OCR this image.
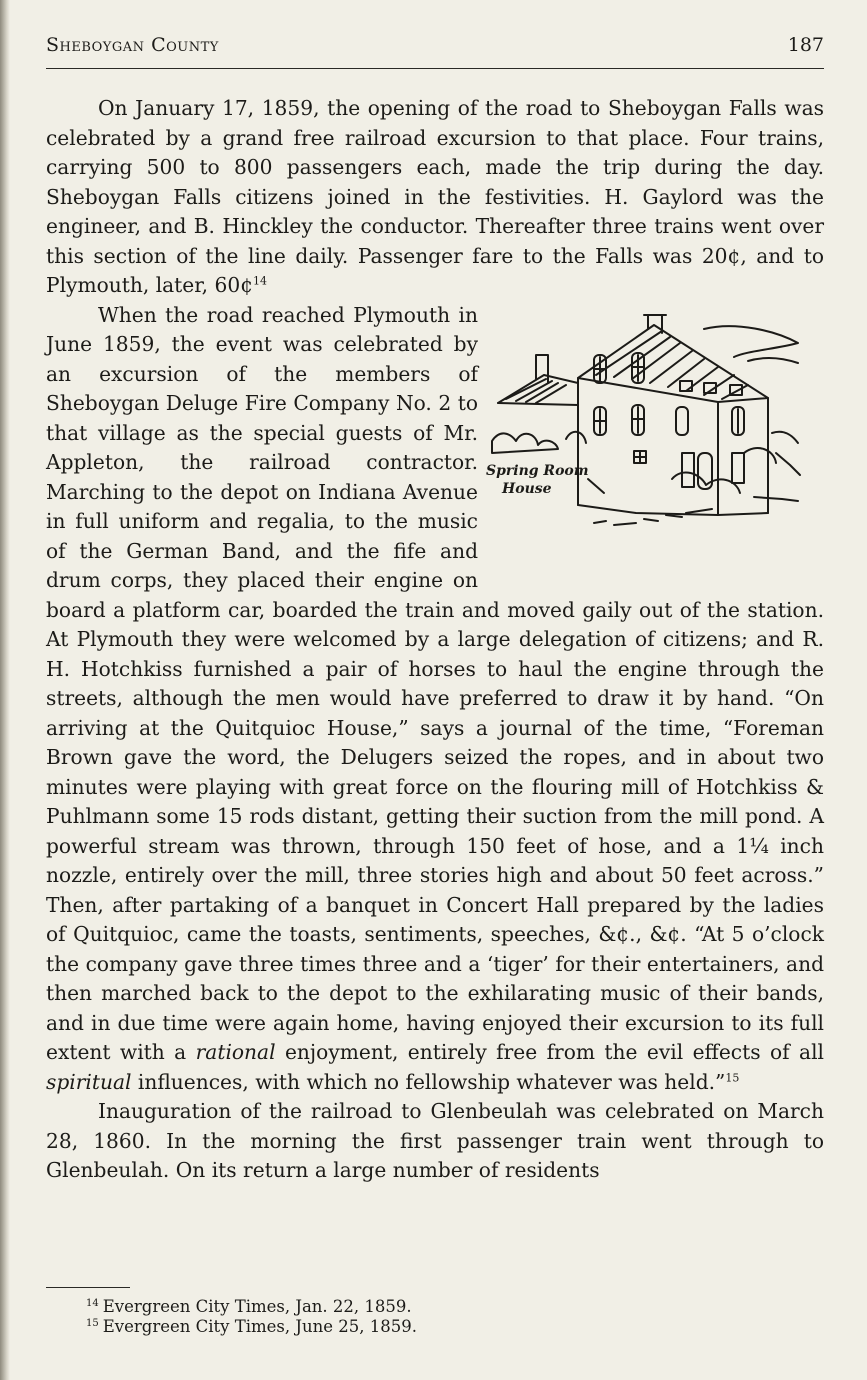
Sheboygan County	187

On January 17, 1859, the opening of the road to Sheboygan Falls was celebrated by a grand free railroad excursion to that place. Four trains, carrying 500 to 800 passengers each, made the trip during the day. Sheboygan Falls citizens joined in the festivities. H. Gaylord was the engineer, and B. Hinckley the conductor. Thereafter three trains went over this section of the line daily. Passenger fare to the Falls was 20¢, and to Plymouth, later, 60¢$^{14}$

Spring Room
House
When the road reached Plymouth in June 1859, the event was celebrated by an excursion of the members of Sheboygan Deluge Fire Company No. 2 to that village as the special guests of Mr. Appleton, the railroad contractor. Marching to the depot on Indiana Avenue in full uniform and regalia, to the music of the German Band, and the fife and drum corps, they placed their engine on board a platform car, boarded the train and moved gaily out of the station. At Plymouth they were welcomed by a large delegation of citizens; and R. H. Hotchkiss furnished a pair of horses to haul the engine through the streets, although the men would have preferred to draw it by hand. “On arriving at the Quitquioc House,” says a journal of the time, “Foreman Brown gave the word, the Delugers seized the ropes, and in about two minutes were playing with great force on the flouring mill of Hotchkiss & Puhlmann some 15 rods distant, getting their suction from the mill pond. A powerful stream was thrown, through 150 feet of hose, and a 1¼ inch nozzle, entirely over the mill, three stories high and about 50 feet across.” Then, after partaking of a banquet in Concert Hall prepared by the ladies of Quitquioc, came the toasts, sentiments, speeches, &¢., &¢. “At 5 o’clock the company gave three times three and a ‘tiger’ for their entertainers, and then marched back to the depot to the exhilarating music of their bands, and in due time were again home, having enjoyed their excursion to its full extent with a rational enjoyment, entirely free from the evil effects of all spiritual influences, with which no fellowship whatever was held.”$^{15}$

Inauguration of the railroad to Glenbeulah was celebrated on March 28, 1860. In the morning the first passenger train went through to Glenbeulah. On its return a large number of residents

$^{14}$ Evergreen City Times, Jan. 22, 1859.
$^{15}$ Evergreen City Times, June 25, 1859.
